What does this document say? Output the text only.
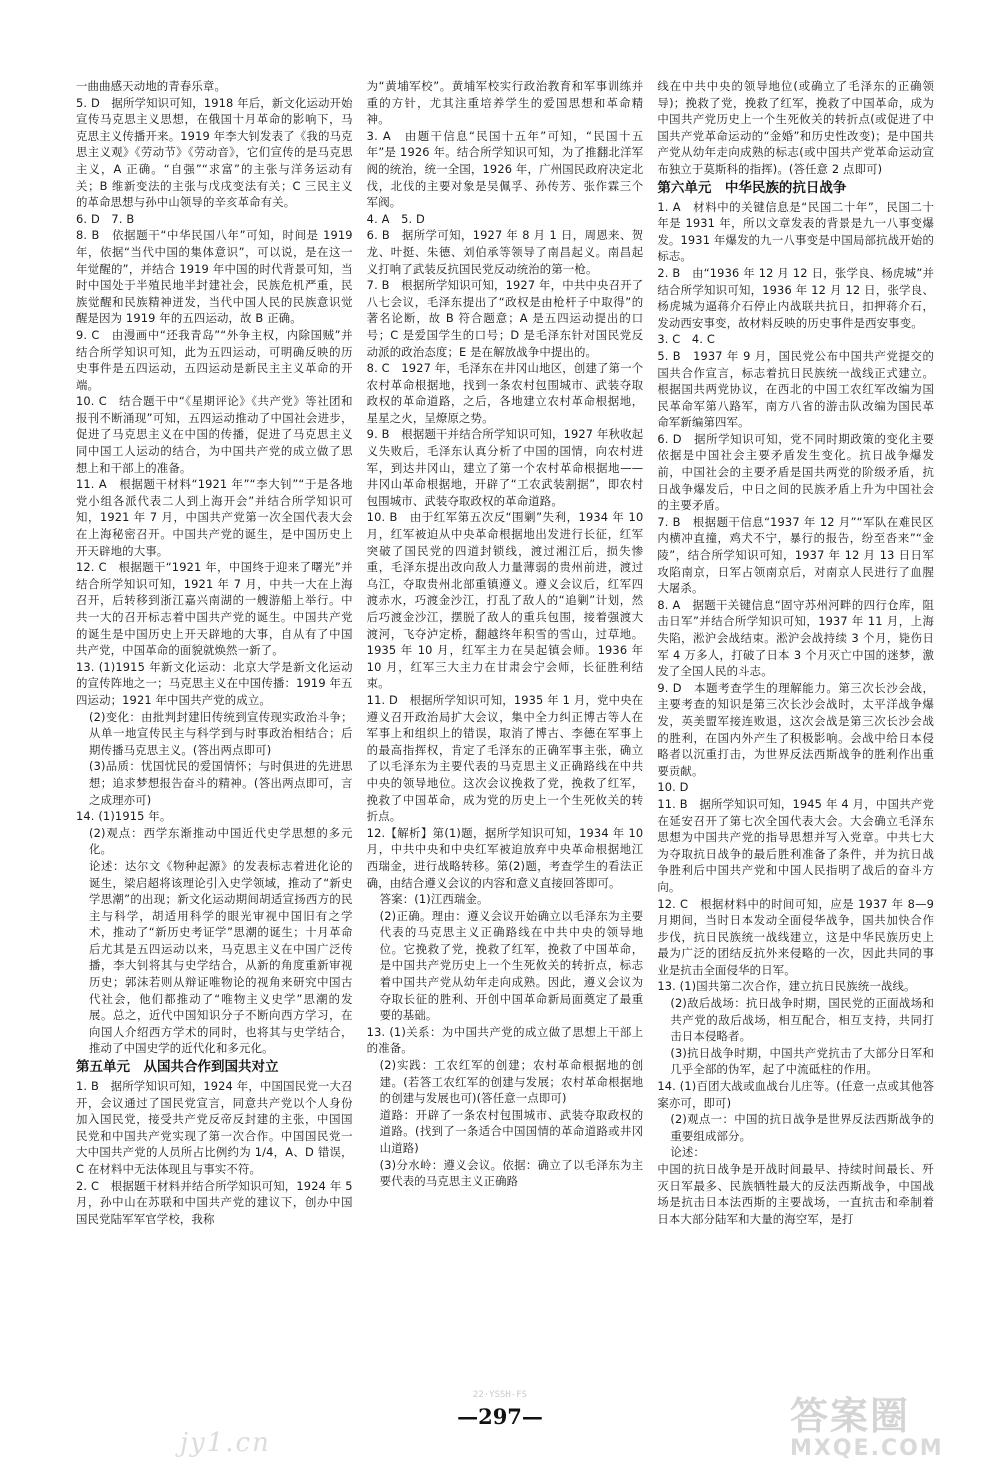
一曲曲感天动地的青春乐章。

5. D　据所学知识可知，1918 年后，新文化运动开始宣传马克思主义思想，在俄国十月革命的影响下，马克思主义传播开来。1919 年李大钊发表了《我的马克思主义观》《劳动节》《劳动音》，它们宣传的是马克思主义，A 正确。“自强”“求富”的主张与洋务运动有关；B 维新变法的主张与戊戌变法有关；C 三民主义的革命思想与孙中山领导的辛亥革命有关。

6. D　7. B

8. B　依据题干“中华民国八年”可知，时间是 1919 年，依据“当代中国的集体意识”，可以说，是在这一年觉醒的”，并结合 1919 年中国的时代背景可知，当时中国处于半殖民地半封建社会，民族危机严重，民族觉醒和民族精神迸发，当代中国人民的民族意识觉醒是因为 1919 年的五四运动，故 B 正确。

9. C　由漫画中“还我青岛”“外争主权，内除国贼”并结合所学知识可知，此为五四运动，可明确反映的历史事件是五四运动，五四运动是新民主主义革命的开端。

10. C　结合题干中“《星期评论》《共产党》等社团和报刊不断涌现”可知，五四运动推动了中国社会进步，促进了马克思主义在中国的传播，促进了马克思主义同中国工人运动的结合，为中国共产党的成立做了思想上和干部上的准备。

11. A　根据题干材料“1921 年”“李大钊”“于是各地党小组各派代表二人到上海开会”并结合所学知识可知，1921 年 7 月，中国共产党第一次全国代表大会在上海秘密召开。中国共产党的诞生，是中国历史上开天辟地的大事。

12. C　根据题干“1921 年，中国终于迎来了曙光”并结合所学知识可知，1921 年 7 月，中共一大在上海召开，后转移到浙江嘉兴南湖的一艘游船上举行。中共一大的召开标志着中国共产党的诞生。中国共产党的诞生是中国历史上开天辟地的大事，自从有了中国共产党，中国革命的面貌就焕然一新了。

13. (1)1915 年新文化运动：北京大学是新文化运动的宣传阵地之一；马克思主义在中国传播：1919 年五四运动；1921 年中国共产党的成立。

(2)变化：由批判封建旧传统到宣传现实政治斗争；从单一地宣传民主与科学到与时事政治相结合；后期传播马克思主义。(答出两点即可)

(3)品质：忧国忧民的爱国情怀；与时俱进的先进思想；追求梦想报告奋斗的精神。(答出两点即可，言之成理亦可)

14. (1)1915 年。

(2)观点：西学东渐推动中国近代史学思想的多元化。

论述：达尔文《物种起源》的发表标志着进化论的诞生，梁启超将该理论引入史学领域，推动了“新史学思潮”的出现；新文化运动期间胡适宣扬西方的民主与科学，胡适用科学的眼光审视中国旧有之学术，推动了“新历史考证学”思潮的诞生；十月革命后尤其是五四运动以来，马克思主义在中国广泛传播，李大钊将其与史学结合，从新的角度重新审视历史；郭沫若则从辩证唯物论的视角来研究中国古代社会，他们都推动了“唯物主义史学”思潮的发展。总之，近代中国知识分子不断向西方学习，在向国人介绍西方学术的同时，也将其与史学结合，推动了中国史学的近代化和多元化。

第五单元　从国共合作到国共对立

1. B　据所学知识可知，1924 年，中国国民党一大召开，会议通过了国民党宣言，同意共产党以个人身份加入国民党，接受共产党反帝反封建的主张，中国国民党和中国共产党实现了第一次合作。中国国民党一大中国共产党的人员所占比例约为 1/4，A、D 错误，C 在材料中无法体现且与事实不符。

2. C　根据题干材料并结合所学知识可知，1924 年 5 月，孙中山在苏联和中国共产党的建议下，创办中国国民党陆军军官学校，我称

为“黄埔军校”。黄埔军校实行政治教育和军事训练并重的方针，尤其注重培养学生的爱国思想和革命精神。

3. A　由题干信息“民国十五年”可知，“民国十五年”是 1926 年。结合所学知识可知，为了推翻北洋军阀的统治，统一全国，1926 年，广州国民政府决定北伐，北伐的主要对象是吴佩孚、孙传芳、张作霖三个军阀。

4. A　5. D

6. B　据所学可知，1927 年 8 月 1 日，周恩来、贺龙、叶挺、朱德、刘伯承等领导了南昌起义。南昌起义打响了武装反抗国民党反动统治的第一枪。

7. B　根据所学知识可知，1927 年，中共中央召开了八七会议，毛泽东提出了“政权是由枪杆子中取得”的著名论断，故 B 符合题意；A 是五四运动提出的口号；C 是爱国学生的口号；D 是毛泽东针对国民党反动派的政治态度；E 是在解放战争中提出的。

8. C　1927 年，毛泽东在井冈山地区，创建了第一个农村革命根据地，找到一条农村包围城市、武装夺取政权的革命道路，之后，各地建立农村革命根据地，星星之火，呈燎原之势。

9. B　根据题干并结合所学知识可知，1927 年秋收起义失败后，毛泽东认真分析了中国的国情，向农村进军，到达井冈山，建立了第一个农村革命根据地——井冈山革命根据地，开辟了“工农武装割据”，即农村包围城市、武装夺取政权的革命道路。

10. B　由于红军第五次反“围剿”失利，1934 年 10 月，红军被迫从中央革命根据地出发进行长征，红军突破了国民党的四道封锁线，渡过湘江后，损失惨重，毛泽东提出改向敌人力量薄弱的贵州前进，渡过乌江，夺取贵州北部重镇遵义。遵义会议后，红军四渡赤水，巧渡金沙江，打乱了敌人的“追剿”计划，然后巧渡金沙江，摆脱了敌人的重兵包围，接着强渡大渡河，飞夺泸定桥，翻越终年积雪的雪山，过草地。1935 年 10 月，红军主力在吴起镇会师。1936 年 10 月，红军三大主力在甘肃会宁会师，长征胜利结束。

11. D　根据所学知识可知，1935 年 1 月，党中央在遵义召开政治局扩大会议，集中全力纠正博古等人在军事上和组织上的错误，取消了博古、李德在军事上的最高指挥权，肯定了毛泽东的正确军事主张，确立了以毛泽东为主要代表的马克思主义正确路线在中共中央的领导地位。这次会议挽救了党，挽救了红军，挽救了中国革命，成为党的历史上一个生死攸关的转折点。

12.【解析】第(1)题，据所学知识可知，1934 年 10 月，中共中央和中央红军被迫放弃中央革命根据地江西瑞金，进行战略转移。第(2)题，考查学生的看法正确，由结合遵义会议的内容和意义直接回答即可。

答案：(1)江西瑞金。

(2)正确。理由：遵义会议开始确立以毛泽东为主要代表的马克思主义正确路线在中共中央的领导地位。它挽救了党，挽救了红军，挽救了中国革命，是中国共产党历史上一个生死攸关的转折点，标志着中国共产党从幼年走向成熟。因此，遵义会议为夺取长征的胜利、开创中国革命新局面奠定了最重要的基础。

13. (1)关系：为中国共产党的成立做了思想上干部上的准备。

(2)实践：工农红军的创建；农村革命根据地的创建。(若答工农红军的创建与发展；农村革命根据地的创建与发展也可)(答任意一点即可)

道路：开辟了一条农村包围城市、武装夺取政权的道路。(找到了一条适合中国国情的革命道路或井冈山道路)

(3)分水岭：遵义会议。依据：确立了以毛泽东为主要代表的马克思主义正确路

线在中共中央的领导地位(或确立了毛泽东的正确领导)；挽救了党，挽救了红军，挽救了中国革命，成为中国共产党历史上一个生死攸关的转折点(或促进了中国共产党革命运动的“金婚”和历史性改变)；是中国共产党从幼年走向成熟的标志(或中国共产党革命运动宣布独立于莫斯科的指挥)。(答任意 2 点即可)

第六单元　中华民族的抗日战争

1. A　材料中的关键信息是“民国二十年”，民国二十年是 1931 年，所以文章发表的背景是九一八事变爆发。1931 年爆发的九一八事变是中国局部抗战开始的标志。

2. B　由“1936 年 12 月 12 日，张学良、杨虎城”并结合所学知识可知，1936 年 12 月 12 日，张学良、杨虎城为逼蒋介石停止内战联共抗日，扣押蒋介石，发动西安事变，故材料反映的历史事件是西安事变。

3. C　4. C

5. B　1937 年 9 月，国民党公布中国共产党提交的国共合作宣言，标志着抗日民族统一战线正式建立。根据国共两党协议，在西北的中国工农红军改编为国民革命军第八路军，南方八省的游击队改编为国民革命军新编第四军。

6. D　据所学知识可知，党不同时期政策的变化主要依据是中国社会主要矛盾发生变化。抗日战争爆发前，中国社会的主要矛盾是国共两党的阶级矛盾，抗日战争爆发后，中日之间的民族矛盾上升为中国社会的主要矛盾。

7. B　根据题干信息“1937 年 12 月”“军队在难民区内横冲直撞，鸡犬不宁，暴行的报告，纷至沓来”“金陵”，结合所学知识可知，1937 年 12 月 13 日日军攻陷南京，日军占领南京后，对南京人民进行了血腥大屠杀。

8. A　据题干关键信息“固守苏州河畔的四行仓库，阻击日军”并结合所学知识可知，1937 年 11 月，上海失陷，淞沪会战结束。淞沪会战持续 3 个月，毙伤日军 4 万多人，打破了日本 3 个月灭亡中国的迷梦，激发了全国人民的斗志。

9. D　本题考查学生的理解能力。第三次长沙会战，主要考查的知识是第三次长沙会战时，太平洋战争爆发，英美盟军接连败退，这次会战是第三次长沙会战的胜利，在国内外产生了积极影响。会战中给日本侵略者以沉重打击，为世界反法西斯战争的胜利作出重要贡献。

10. D

11. B　据所学知识可知，1945 年 4 月，中国共产党在延安召开了第七次全国代表大会。大会确立毛泽东思想为中国共产党的指导思想并写入党章。中共七大为夺取抗日战争的最后胜利准备了条件，并为抗日战争胜利后中国共产党和中国人民指明了战后的奋斗方向。

12. C　根据材料中的时间可知，应是 1937 年 8—9 月期间，当时日本发动全面侵华战争，国共加快合作步伐，抗日民族统一战线建立，这是中华民族历史上最为广泛的团结反抗外来侵略的一次，因此共同的事业是抗击全面侵华的日军。

13. (1)国共第二次合作，建立抗日民族统一战线。

(2)敌后战场：抗日战争时期，国民党的正面战场和共产党的敌后战场，相互配合，相互支持，共同打击日本侵略者。

(3)抗日战争时期，中国共产党抗击了大部分日军和几乎全部的伪军，起了中流砥柱的作用。

14. (1)百团大战或血战台儿庄等。(任意一点或其他答案亦可，即可)

(2)观点一：中国的抗日战争是世界反法西斯战争的重要组成部分。

论述：

中国的抗日战争是开战时间最早、持续时间最长、歼灭日军最多、民族牺牲最大的反法西斯战争，中国战场是抗击日本法西斯的主要战场，一直抗击和牵制着日本大部分陆军和大量的海空军，是打

22·YSSH-FS
—297—
jy1.cn
答案圈
MXQE.COM
